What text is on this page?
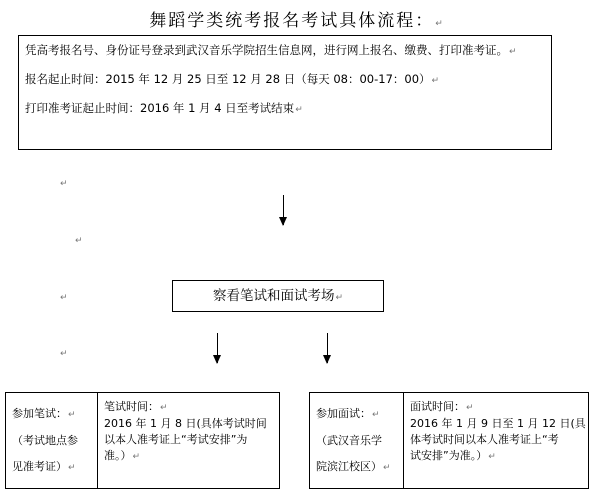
舞蹈学类统考报名考试具体流程：↵
凭高考报名号、身份证号登录到武汉音乐学院招生信息网，进行网上报名、缴费、打印准考证。↵
报名起止时间：2015 年 12 月 25 日至 12 月 28 日（每天 08：00-17：00）↵
打印准考证起止时间：2016 年 1 月 4 日至考试结束↵
↵
↵
↵
↵
察看笔试和面试考场↵
参加笔试：↵
（考试地点参
见准考证）↵
笔试时间：↵
2016 年 1 月 8 日(具体考试时间
以本人准考证上“考试安排”为
准。）↵
参加面试：↵
（武汉音乐学
院滨江校区）↵
面试时间：↵
2016 年 1 月 9 日至 1 月 12 日(具
体考试时间以本人准考证上“考
试安排”为准。）↵
